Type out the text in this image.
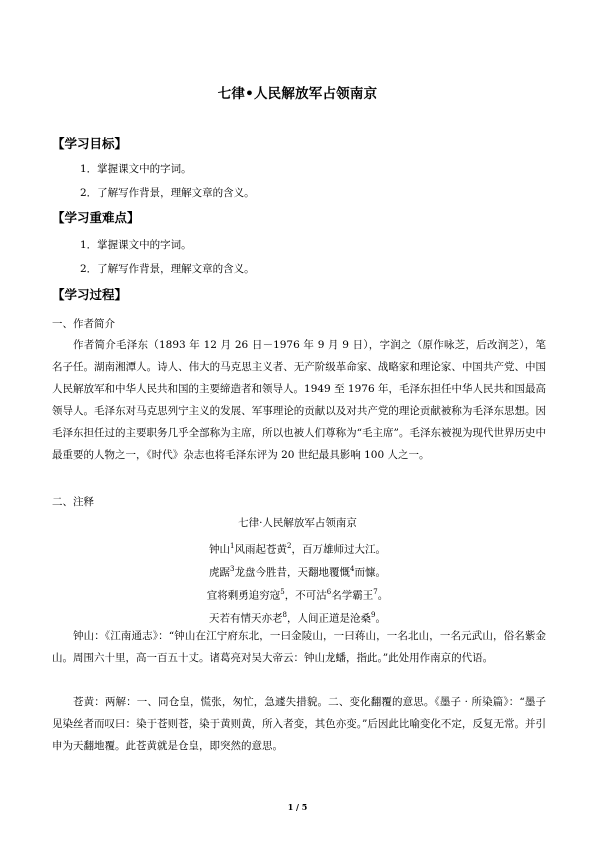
七律•人民解放军占领南京
【学习目标】
1．掌握课文中的字词。
2．了解写作背景，理解文章的含义。
【学习重难点】
1．掌握课文中的字词。
2．了解写作背景，理解文章的含义。
【学习过程】
一、作者简介
作者简介毛泽东（1893 年 12 月 26 日－1976 年 9 月 9 日），字润之（原作咏芝，后改润芝），笔名子任。湖南湘潭人。诗人、伟大的马克思主义者、无产阶级革命家、战略家和理论家、中国共产党、中国人民解放军和中华人民共和国的主要缔造者和领导人。1949 至 1976 年，毛泽东担任中华人民共和国最高领导人。毛泽东对马克思列宁主义的发展、军事理论的贡献以及对共产党的理论贡献被称为毛泽东思想。因毛泽东担任过的主要职务几乎全部称为主席，所以也被人们尊称为“毛主席”。毛泽东被视为现代世界历史中最重要的人物之一，《时代》杂志也将毛泽东评为 20 世纪最具影响 100 人之一。
二、注释
七律·人民解放军占领南京
钟山$^1$风雨起苍黄$^2$，百万雄师过大江。
虎踞$^3$龙盘今胜昔，天翻地覆慨$^4$而慷。
宜将剩勇追穷寇$^5$，不可沽$^6$名学霸王$^7$。
天若有情天亦老$^8$，人间正道是沧桑$^9$。
钟山：《江南通志》：“钟山在江宁府东北，一曰金陵山，一曰蒋山，一名北山，一名元武山，俗名紫金山。周围六十里，高一百五十丈。诸葛亮对吴大帝云：钟山龙蟠，指此。”此处用作南京的代语。
苍黄：两解：一、同仓皇，慌张，匆忙，急遽失措貌。二、变化翻覆的意思。《墨子 · 所染篇》：“墨子见染丝者而叹曰：染于苍则苍，染于黄则黄，所入者变，其色亦变。”后因此比喻变化不定，反复无常。并引申为天翻地覆。此苍黄就是仓皇，即突然的意思。
1 / 5
